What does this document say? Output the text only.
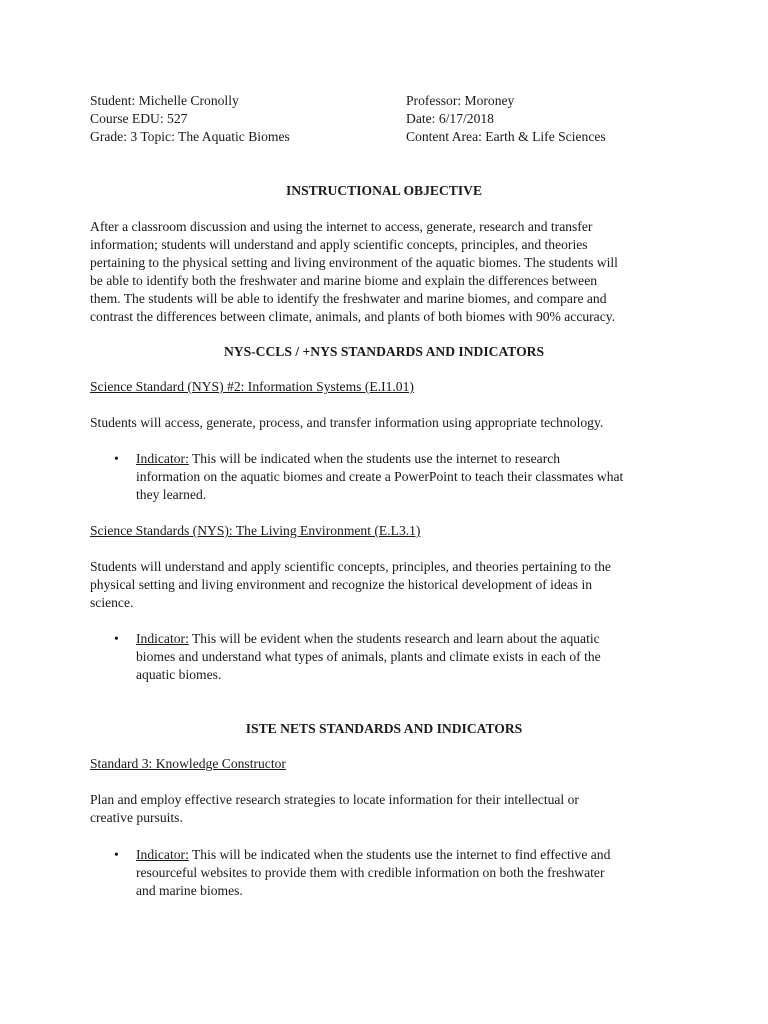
Student: Michelle Cronolly	Professor: Moroney
Course EDU: 527	Date: 6/17/2018
Grade: 3 Topic: The Aquatic Biomes	Content Area: Earth & Life Sciences
INSTRUCTIONAL OBJECTIVE
After a classroom discussion and using the internet to access, generate, research and transfer
information; students will understand and apply scientific concepts, principles, and theories
pertaining to the physical setting and living environment of the aquatic biomes. The students will
be able to identify both the freshwater and marine biome and explain the differences between
them. The students will be able to identify the freshwater and marine biomes, and compare and
contrast the differences between climate, animals, and plants of both biomes with 90% accuracy.
NYS-CCLS / +NYS STANDARDS AND INDICATORS
Science Standard (NYS) #2: Information Systems (E.I1.01)
Students will access, generate, process, and transfer information using appropriate technology.
• Indicator: This will be indicated when the students use the internet to research
information on the aquatic biomes and create a PowerPoint to teach their classmates what
they learned.
Science Standards (NYS): The Living Environment (E.L3.1)
Students will understand and apply scientific concepts, principles, and theories pertaining to the
physical setting and living environment and recognize the historical development of ideas in
science.
• Indicator: This will be evident when the students research and learn about the aquatic
biomes and understand what types of animals, plants and climate exists in each of the
aquatic biomes.
ISTE NETS STANDARDS AND INDICATORS
Standard 3: Knowledge Constructor
Plan and employ effective research strategies to locate information for their intellectual or
creative pursuits.
• Indicator: This will be indicated when the students use the internet to find effective and
resourceful websites to provide them with credible information on both the freshwater
and marine biomes.
